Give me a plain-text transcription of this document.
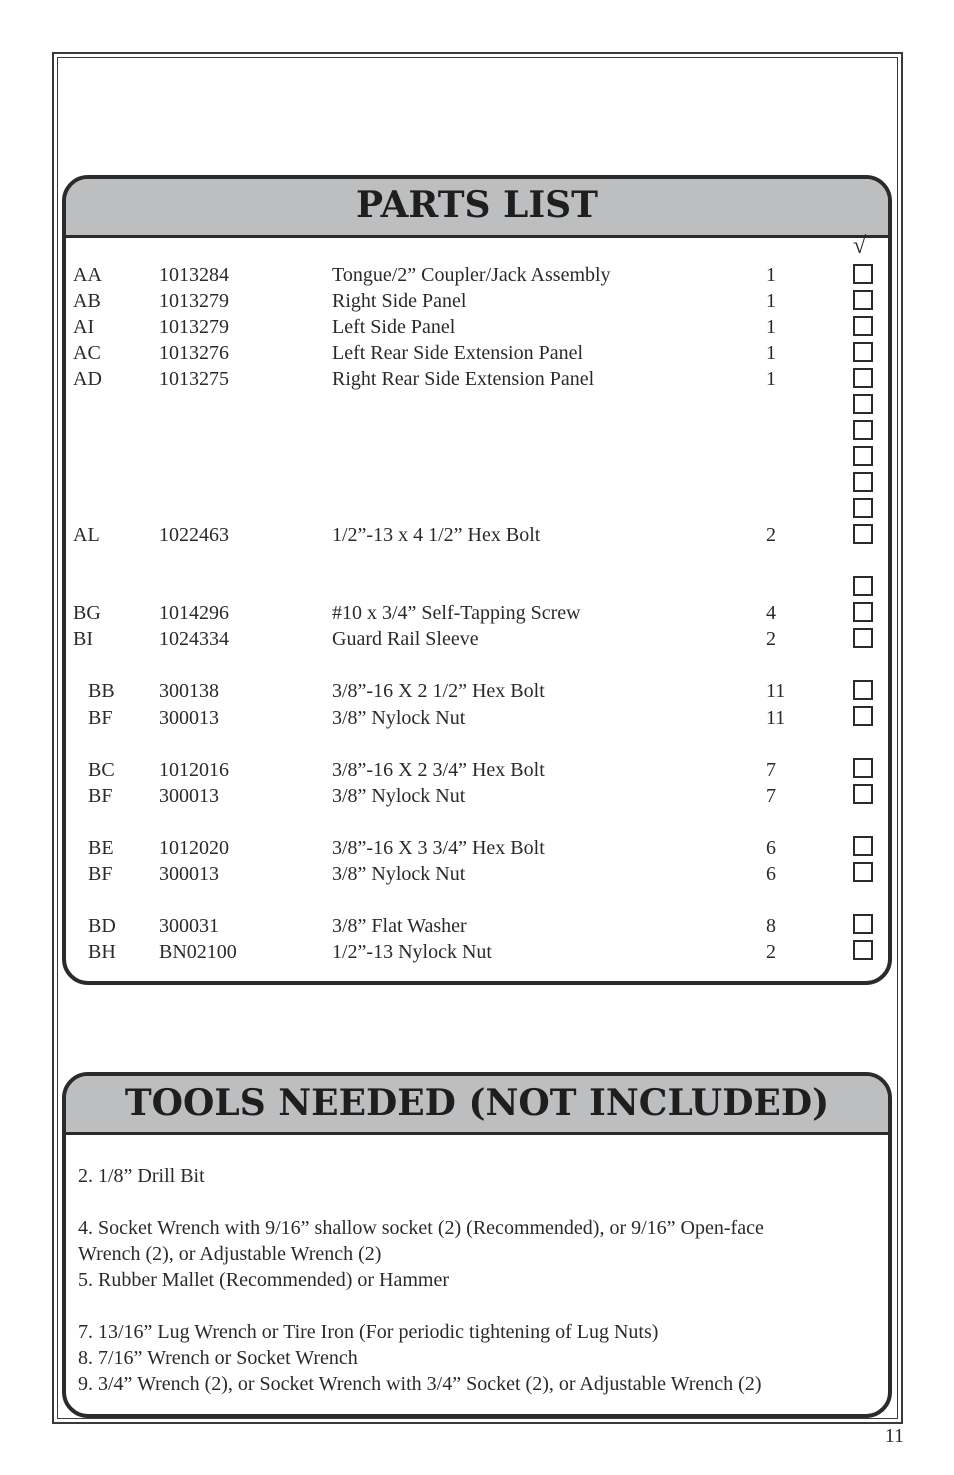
PARTS LIST
√
AA	1013284	Tongue/2” Coupler/Jack Assembly	1
AB	1013279	Right Side Panel	1
AI	1013279	Left Side Panel	1
AC	1013276	Left Rear Side Extension Panel	1
AD	1013275	Right Rear Side Extension Panel	1
AL	1022463	1/2”-13 x 4 1/2” Hex Bolt	2
BG	1014296	#10 x 3/4” Self-Tapping Screw	4
BI	1024334	Guard Rail Sleeve	2
BB 300138	3/8”-16 X 2 1/2” Hex Bolt	11
BF 300013	3/8” Nylock Nut	11
BC 1012016	3/8”-16 X 2 3/4” Hex Bolt	7
BF 300013	3/8” Nylock Nut	7
BE 1012020	3/8”-16 X 3 3/4” Hex Bolt	6
BF 300013	3/8” Nylock Nut	6
BD 300031	3/8” Flat Washer	8
BH BN02100	1/2”-13 Nylock Nut	2
TOOLS NEEDED (NOT INCLUDED)
2. 1/8” Drill Bit
4. Socket Wrench with 9/16” shallow socket (2) (Recommended), or 9/16” Open-face
Wrench (2), or Adjustable Wrench (2)
5. Rubber Mallet (Recommended) or Hammer
7. 13/16” Lug Wrench or Tire Iron (For periodic tightening of Lug Nuts)
8. 7/16” Wrench or Socket Wrench
9. 3/4” Wrench (2), or Socket Wrench with 3/4” Socket (2), or Adjustable Wrench (2)
11
